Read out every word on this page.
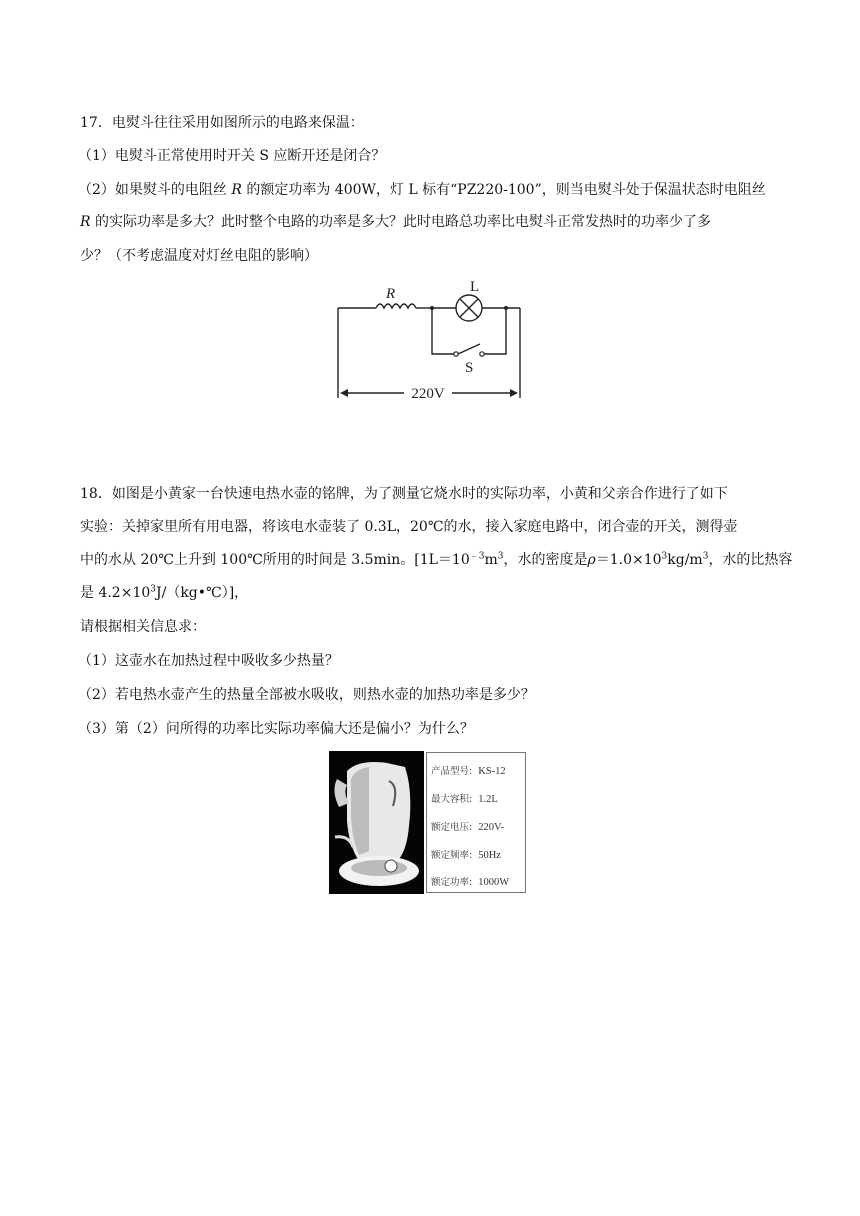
17．电熨斗往往采用如图所示的电路来保温：
（1）电熨斗正常使用时开关 S 应断开还是闭合？
（2）如果熨斗的电阻丝 R 的额定功率为 400W，灯 L 标有“PZ220-100”，则当电熨斗处于保温状态时电阻丝
R 的实际功率是多大？此时整个电路的功率是多大？此时电路总功率比电熨斗正常发热时的功率少了多
少？（不考虑温度对灯丝电阻的影响）
R	L
S
220V
18．如图是小黄家一台快速电热水壶的铭牌，为了测量它烧水时的实际功率，小黄和父亲合作进行了如下
实验：关掉家里所有用电器，将该电水壶装了 0.3L，20℃的水，接入家庭电路中，闭合壶的开关，测得壶
中的水从 20℃上升到 100℃所用的时间是 3.5min。[$1L=10^{﹣3}m^3$，水的密度是$\rho=1.0\times 10^3kg/m^3$，水的比热容
是 $4.2\times 10^3J/(kg•℃)$]，
请根据相关信息求：
（1）这壶水在加热过程中吸收多少热量？
（2）若电热水壶产生的热量全部被水吸收，则热水壶的加热功率是多少？
（3）第（2）问所得的功率比实际功率偏大还是偏小？为什么？
产品型号: KS-12
最大容积: 1.2L
额定电压: 220V-
额定频率: 50Hz
额定功率: 1000W
